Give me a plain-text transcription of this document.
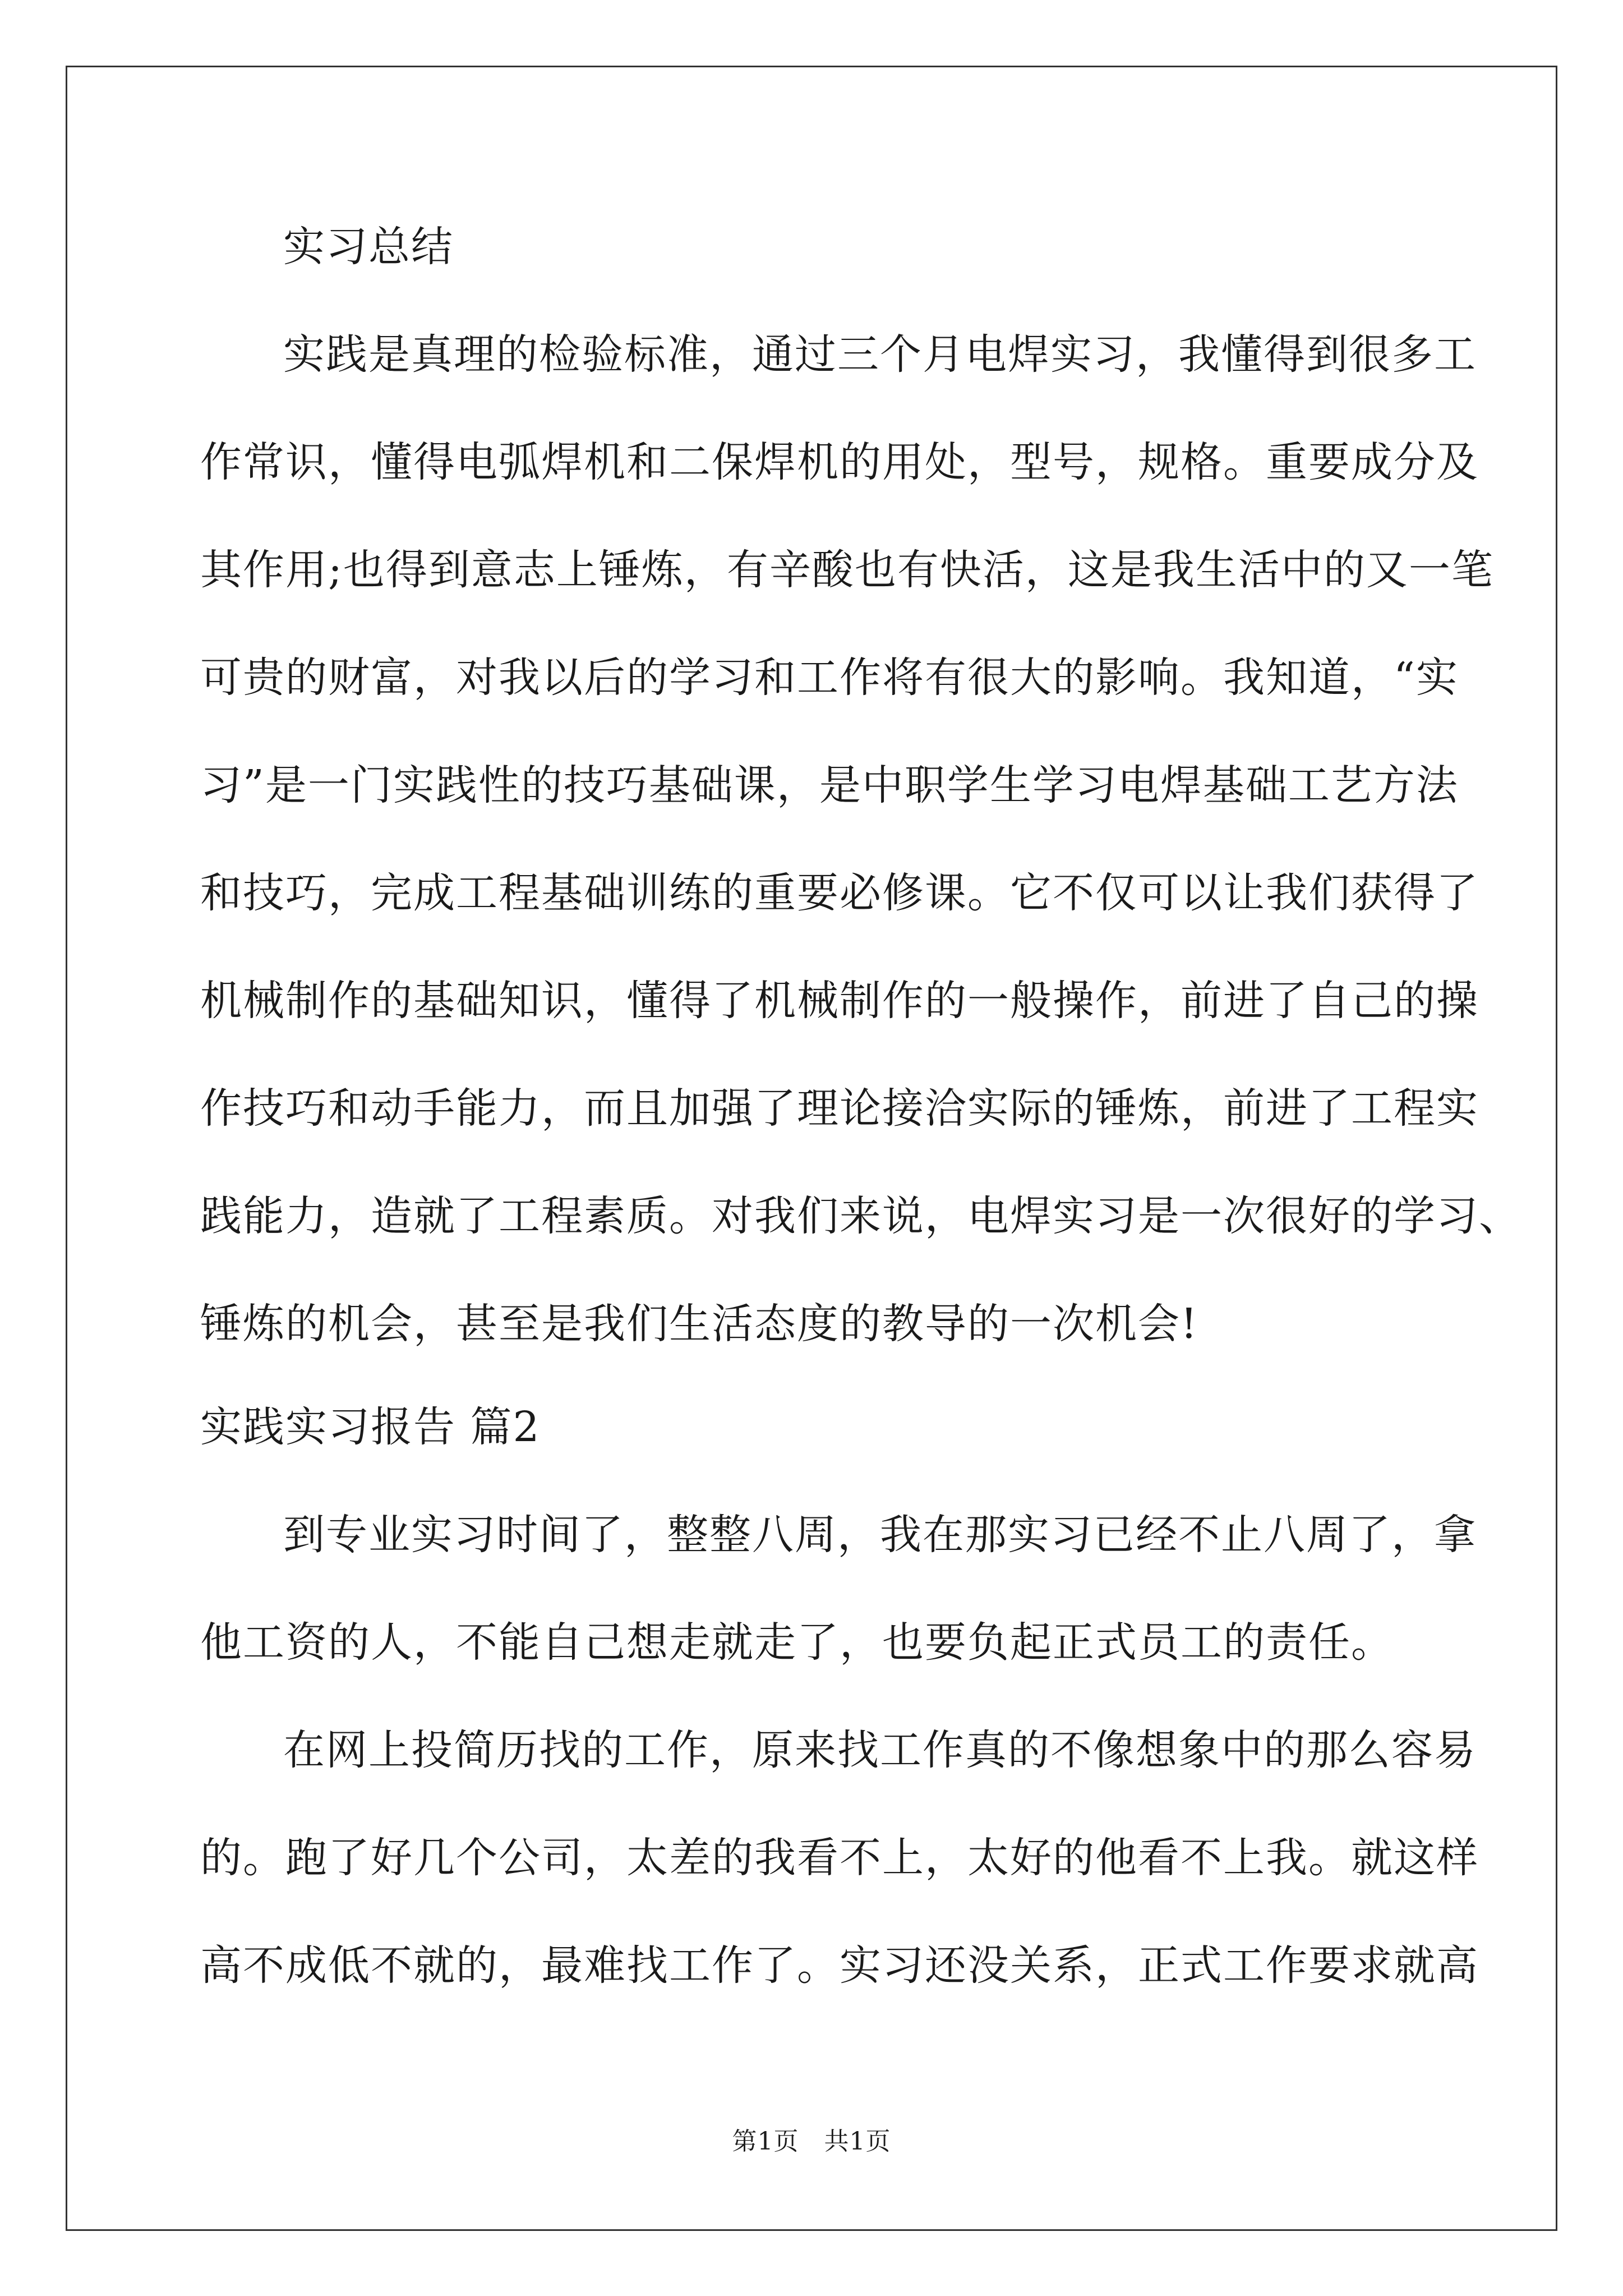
实习总结
实践是真理的检验标准，通过三个月电焊实习，我懂得到很多工
作常识，懂得电弧焊机和二保焊机的用处，型号，规格。重要成分及
其作用;也得到意志上锤炼，有辛酸也有快活，这是我生活中的又一笔
可贵的财富，对我以后的学习和工作将有很大的影响。我知道，“实
习”是一门实践性的技巧基础课，是中职学生学习电焊基础工艺方法
和技巧，完成工程基础训练的重要必修课。它不仅可以让我们获得了
机械制作的基础知识，懂得了机械制作的一般操作，前进了自己的操
作技巧和动手能力，而且加强了理论接洽实际的锤炼，前进了工程实
践能力，造就了工程素质。对我们来说，电焊实习是一次很好的学习、
锤炼的机会，甚至是我们生活态度的教导的一次机会!
实践实习报告 篇2
到专业实习时间了，整整八周，我在那实习已经不止八周了，拿
他工资的人，不能自己想走就走了，也要负起正式员工的责任。
在网上投简历找的工作，原来找工作真的不像想象中的那么容易
的。跑了好几个公司，太差的我看不上，太好的他看不上我。就这样
高不成低不就的，最难找工作了。实习还没关系，正式工作要求就高
第1页　共1页
